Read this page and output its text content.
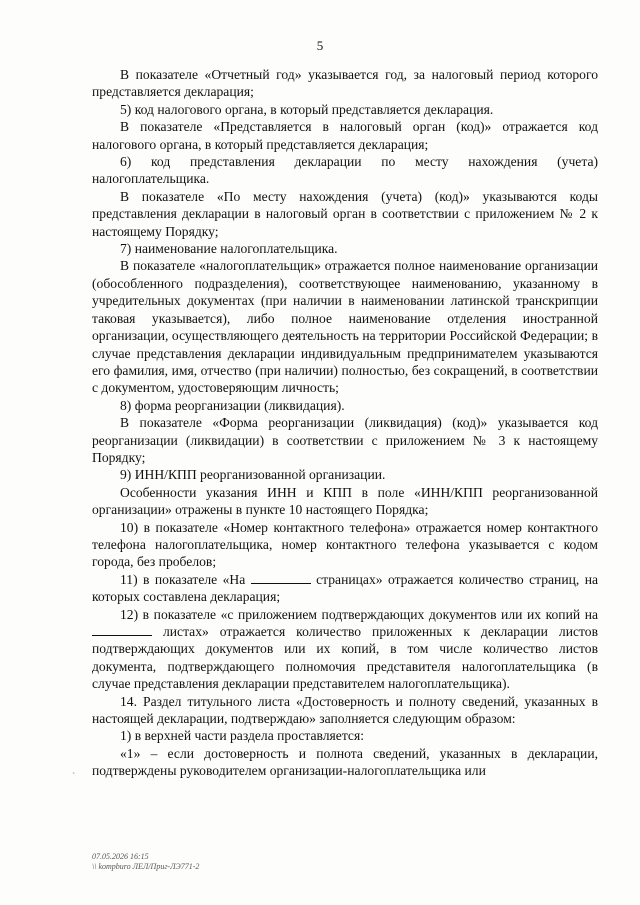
5

В показателе «Отчетный год» указывается год, за налоговый период которого представляется декларация;

5) код налогового органа, в который представляется декларация.

В показателе «Представляется в налоговый орган (код)» отражается код налогового органа, в который представляется декларация;

6) код представления декларации по месту нахождения (учета) налогоплательщика.

В показателе «По месту нахождения (учета) (код)» указываются коды представления декларации в налоговый орган в соответствии с приложением № 2 к настоящему Порядку;

7) наименование налогоплательщика.

В показателе «налогоплательщик» отражается полное наименование организации (обособленного подразделения), соответствующее наименованию, указанному в учредительных документах (при наличии в наименовании латинской транскрипции таковая указывается), либо полное наименование отделения иностранной организации, осуществляющего деятельность на территории Российской Федерации; в случае представления декларации индивидуальным предпринимателем указываются его фамилия, имя, отчество (при наличии) полностью, без сокращений, в соответствии с документом, удостоверяющим личность;

8) форма реорганизации (ликвидация).

В показателе «Форма реорганизации (ликвидация) (код)» указывается код реорганизации (ликвидации) в соответствии с приложением № 3 к настоящему Порядку;

9) ИНН/КПП реорганизованной организации.

Особенности указания ИНН и КПП в поле «ИНН/КПП реорганизованной организации» отражены в пункте 10 настоящего Порядка;

10) в показателе «Номер контактного телефона» отражается номер контактного телефона налогоплательщика, номер контактного телефона указывается с кодом города, без пробелов;

11) в показателе «На	страницах» отражается количество страниц, на которых составлена декларация;

12) в показателе «с приложением подтверждающих документов или их копий на  листах» отражается количество приложенных к декларации листов подтверждающих документов или их копий, в том числе количество листов документа, подтверждающего полномочия представителя налогоплательщика (в случае представления декларации представителем налогоплательщика).

14. Раздел титульного листа «Достоверность и полноту сведений, указанных в настоящей декларации, подтверждаю» заполняется следующим образом:

1) в верхней части раздела проставляется:

«1» – если достоверность и полнота сведений, указанных в декларации, подтверждены руководителем организации-налогоплательщика или

ˋ
07.05.2026 16:15
\\ kompburo ЛЕЛ/Приг-ЛЭ771-2
